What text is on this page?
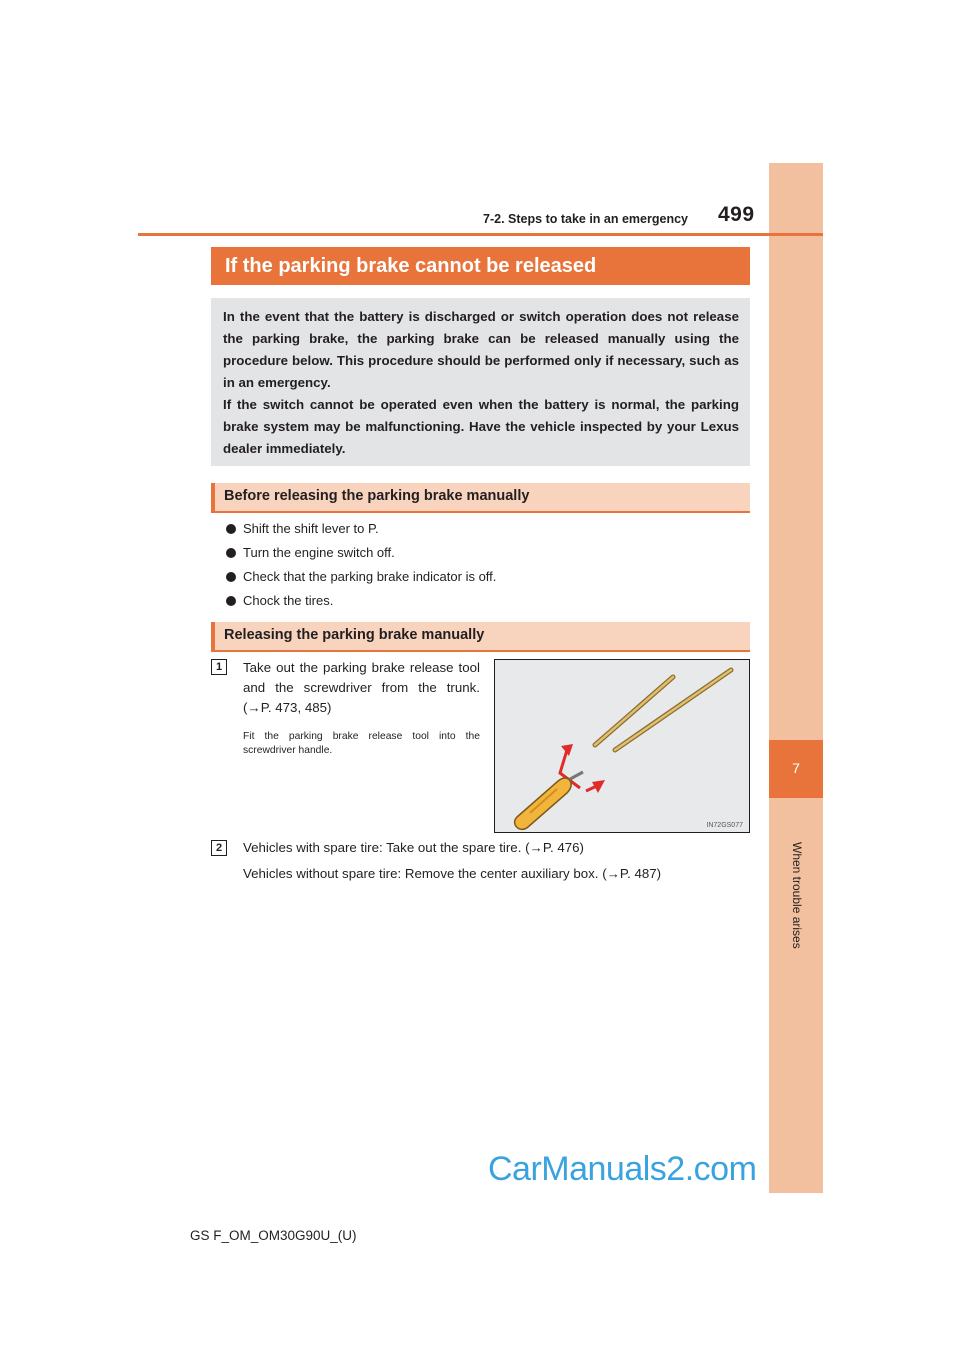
7
When trouble arises
7-2. Steps to take in an emergency 499
If the parking brake cannot be released

In the event that the battery is discharged or switch operation does not release the parking brake, the parking brake can be released manually using the procedure below. This procedure should be performed only if necessary, such as in an emergency.

If the switch cannot be operated even when the battery is normal, the parking brake system may be malfunctioning. Have the vehicle inspected by your Lexus dealer immediately.

Before releasing the parking brake manually
Shift the shift lever to P.
Turn the engine switch off.
Check that the parking brake indicator is off.
Chock the tires.
Releasing the parking brake manually
1	Take out the parking brake release tool and the screwdriver from the trunk. (→P. 473, 485)
Fit the parking brake release tool into the screwdriver handle.
IN72GS077
2	Vehicles with spare tire: Take out the spare tire. (→P. 476)
Vehicles without spare tire: Remove the center auxiliary box. (→P. 487)
CarManuals2.com
GS F_OM_OM30G90U_(U)
